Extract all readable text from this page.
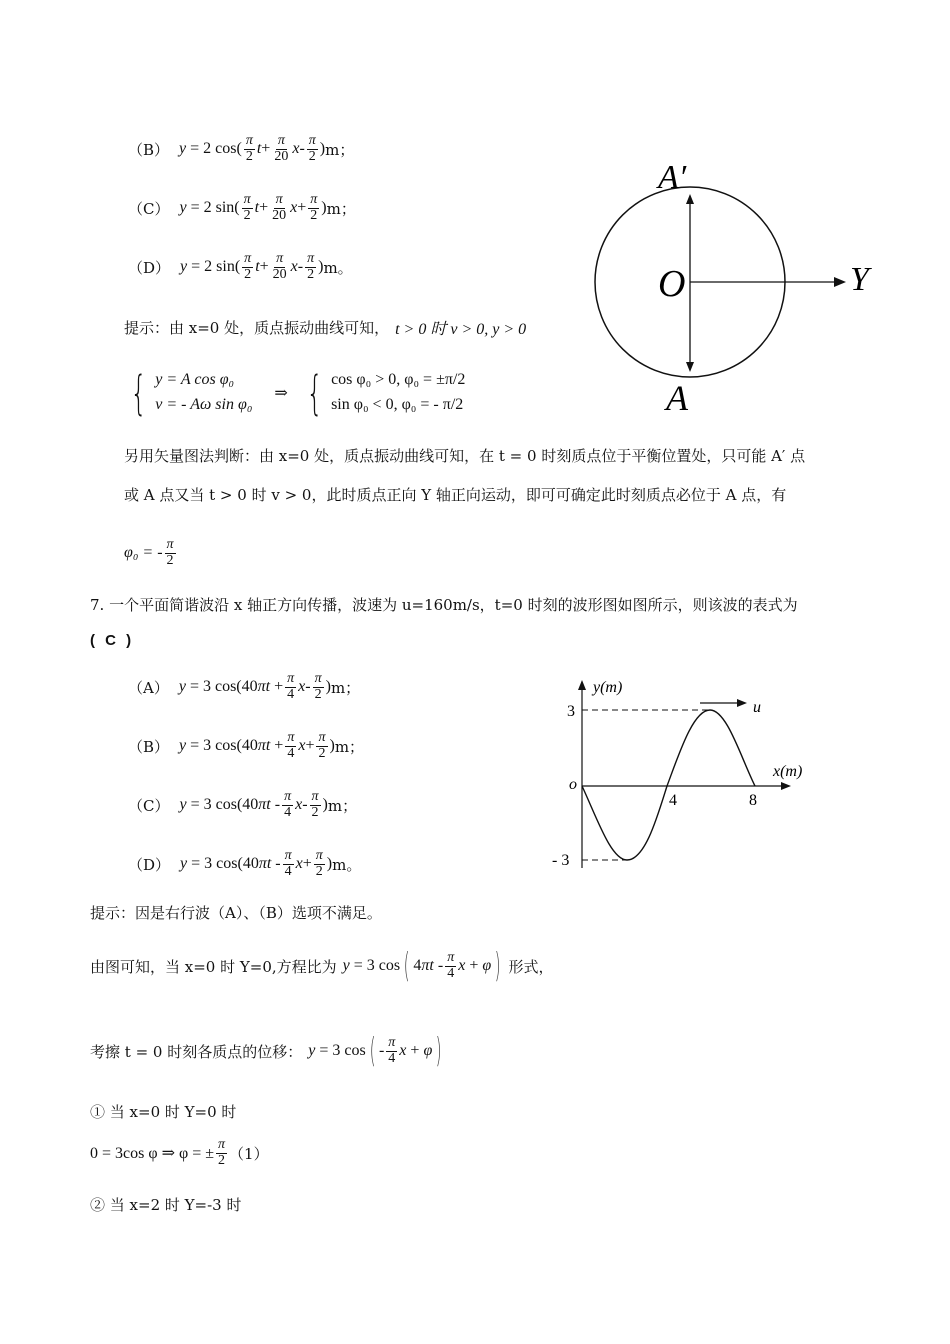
（B） y = 2 $\cos( \frac{\pi}{2}$ $t + \frac{\pi}{20}$ x - $\frac{\pi}{2}$ ) m；
（C） y = 2 $\sin( \frac{\pi}{2}$ $t + \frac{\pi}{20}$ $x + \frac{\pi}{2}$ ) m；
（D） y = 2 $\sin( \frac{\pi}{2}$ $t + \frac{\pi}{20}$ x - $\frac{\pi}{2}$ ) m。
提示：由 x=0 处，质点振动曲线可知， t > 0 时 v > 0, y > 0
{ y = A cos φ₀
v = - Aω sin φ₀
⇒ { cos φ₀ > 0, φ₀ = ±π/2
sin φ₀ < 0, φ₀ = - π/2
另用矢量图法判断：由 x=0 处，质点振动曲线可知，在 t = 0 时刻质点位于平衡位置处，只可能 A′ 点
或 A 点又当 t > 0 时 v > 0，此时质点正向 Y 轴正向运动，即可可确定此时刻质点必位于 A 点，有
φ₀ = - $\frac{\pi}{2}$
A′
O	Y
A
7. 一个平面简谐波沿 x 轴正方向传播，波速为 u=160m/s，t=0 时刻的波形图如图所示，则该波的表式为
( C )
（A） y = 3 $\cos(40\pi t + \frac{\pi}{4}$ x - $\frac{\pi}{2}$ ) m；
（B） y = 3 $\cos(40\pi t + \frac{\pi}{4}$ $x + \frac{\pi}{2}$ ) m；
（C） y = 3 $\cos(40\pi t - \frac{\pi}{4}$ x - $\frac{\pi}{2}$ ) m；
（D） y = 3 $\cos(40\pi t - \frac{\pi}{4}$ $x + \frac{\pi}{2}$ ) m。
y(m)
x(m)
o
u
3
- 3
4	8
提示：因是右行波（A）、（B）选项不满足。
由图可知，当 x=0 时 Y=0,方程比为 y = 3 cos ( $4\pi t - \frac{\pi}{4}$ x + φ ) 形式，
考擦 t = 0 时刻各质点的位移： y = 3 cos ( - $\frac{\pi}{4}$ x + φ )
① 当 x=0 时 Y=0 时
0 = 3cos φ ⇒ φ = ± $\frac{\pi}{2} (1)$
② 当 x=2 时 Y=-3 时
